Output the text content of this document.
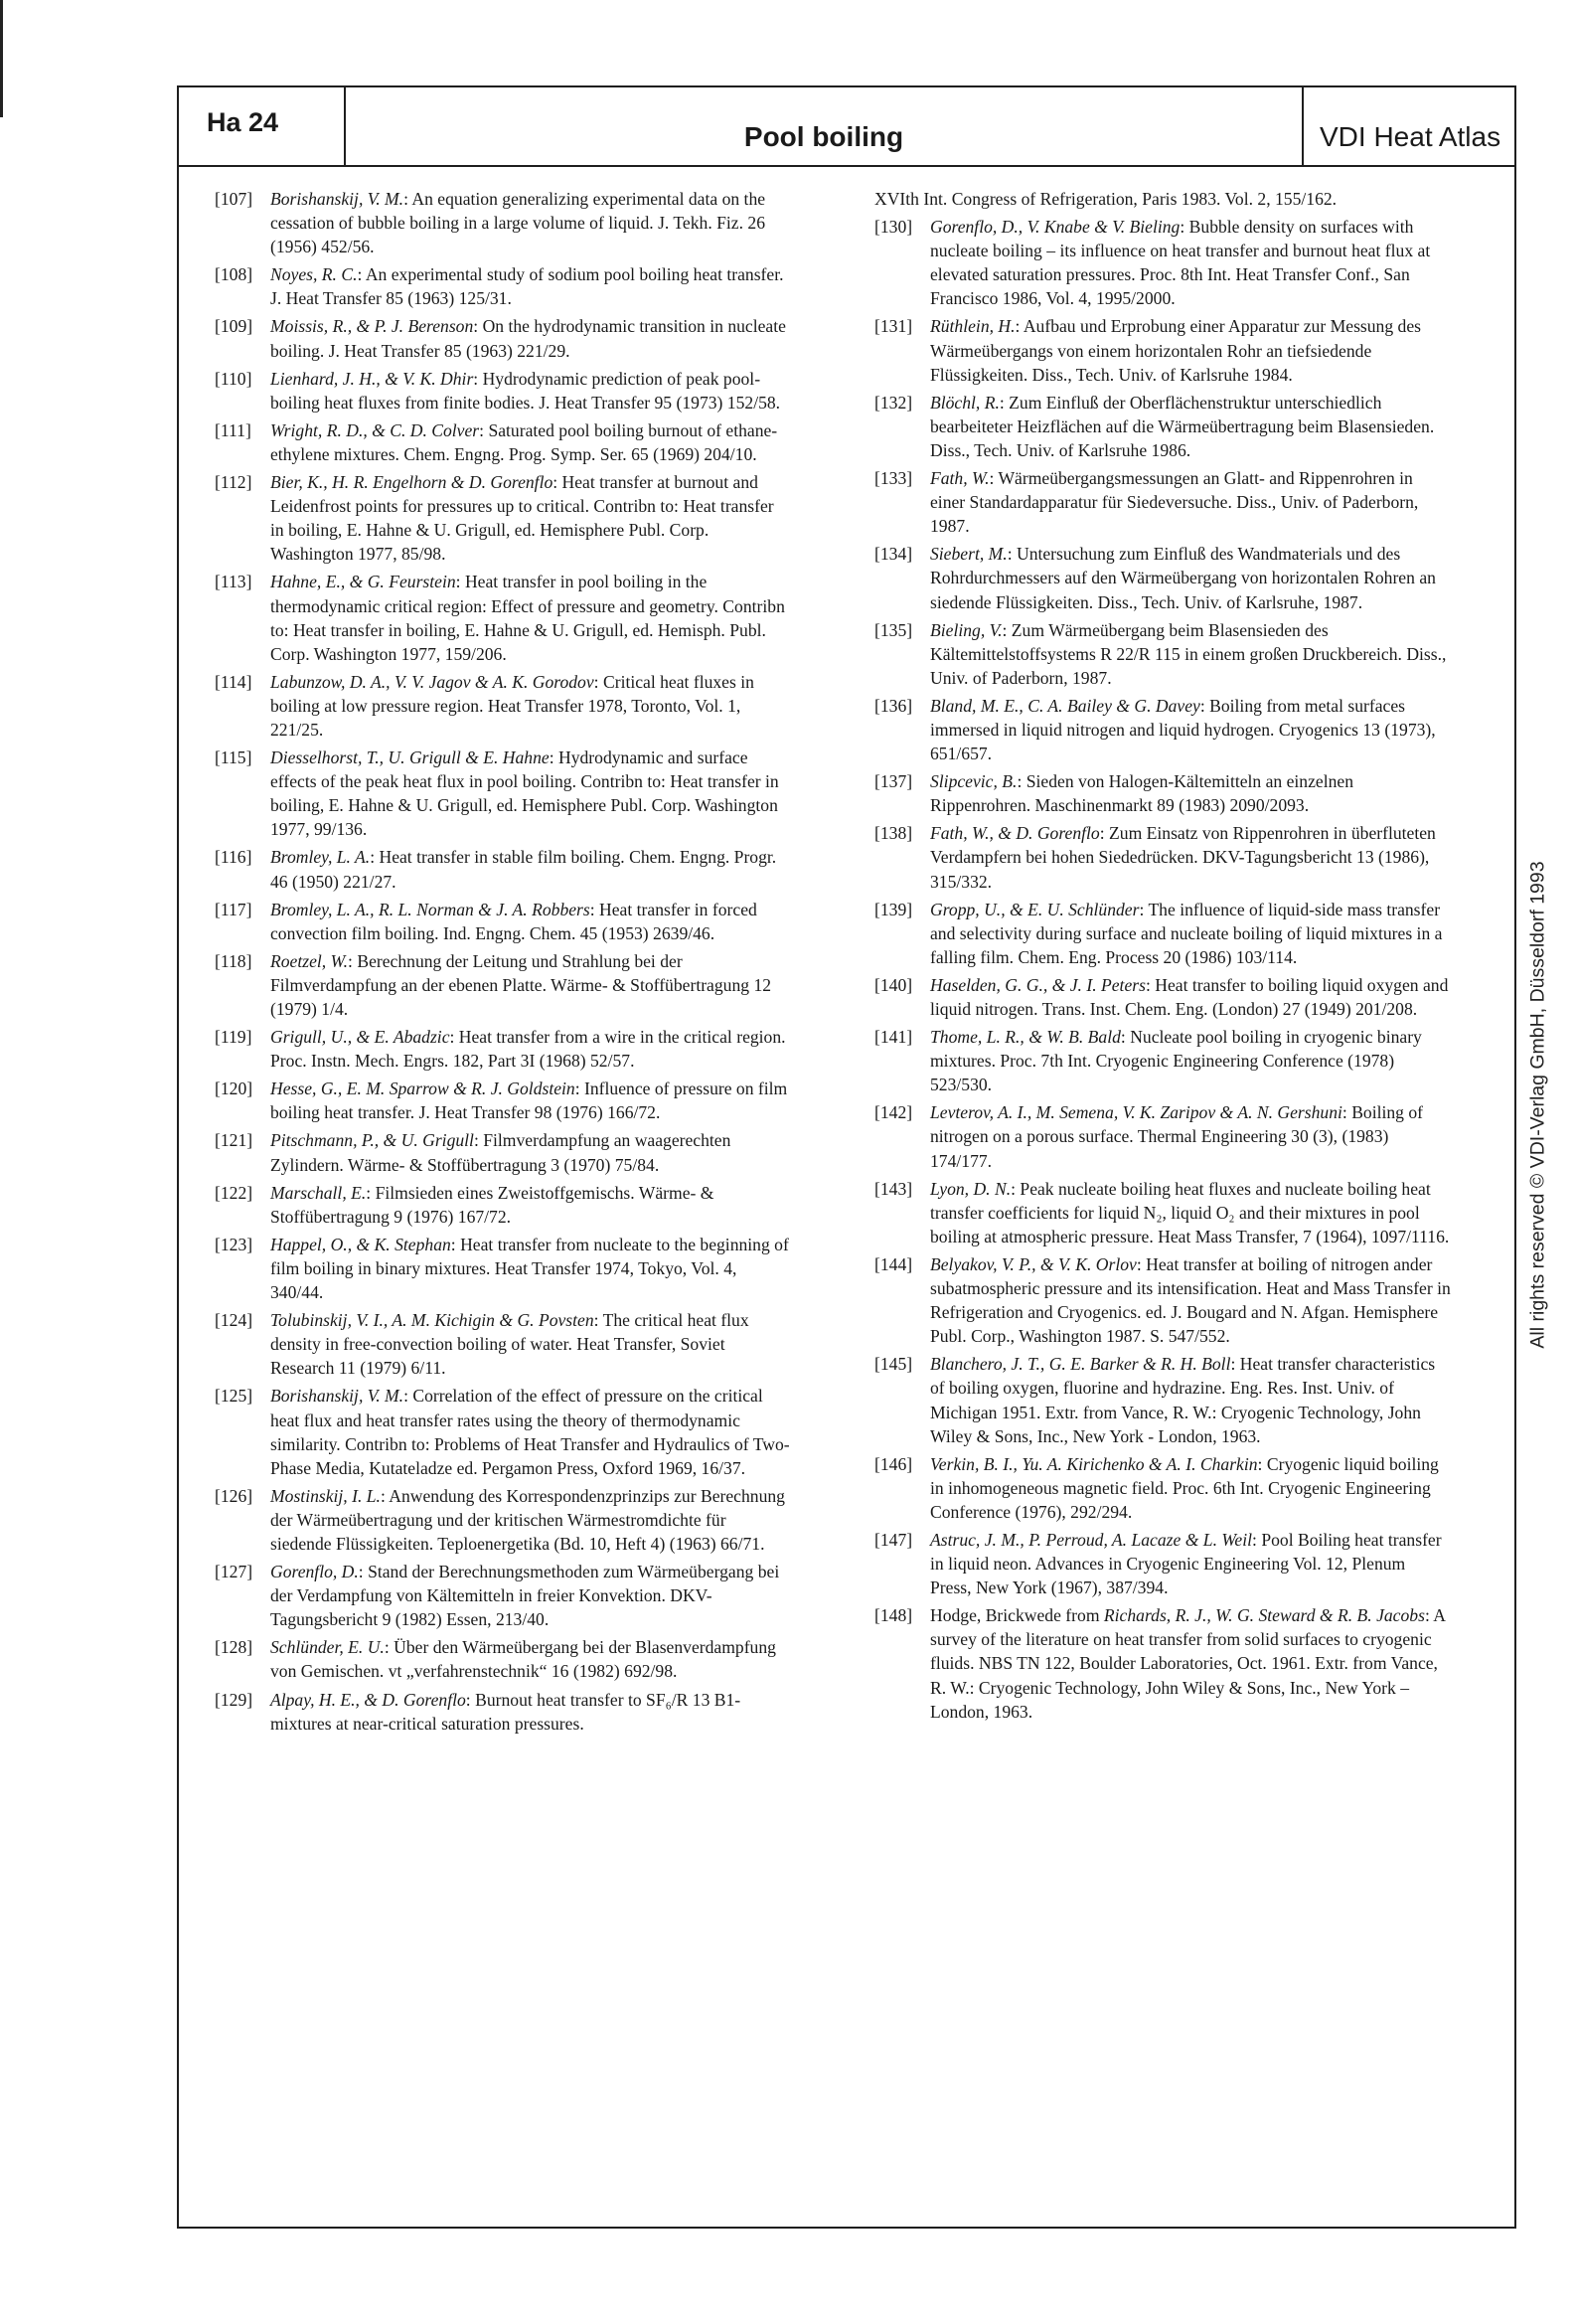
Ha 24	Pool boiling	VDI Heat Atlas
[107] Borishanskij, V. M.: An equation generalizing experimental data on the cessation of bubble boiling in a large volume of liquid. J. Tekh. Fiz. 26 (1956) 452/56.
[108] Noyes, R. C.: An experimental study of sodium pool boiling heat transfer. J. Heat Transfer 85 (1963) 125/31.
[109] Moissis, R., & P. J. Berenson: On the hydrodynamic transition in nucleate boiling. J. Heat Transfer 85 (1963) 221/29.
[110] Lienhard, J. H., & V. K. Dhir: Hydrodynamic prediction of peak pool-boiling heat fluxes from finite bodies. J. Heat Transfer 95 (1973) 152/58.
[111] Wright, R. D., & C. D. Colver: Saturated pool boiling burnout of ethane-ethylene mixtures. Chem. Engng. Prog. Symp. Ser. 65 (1969) 204/10.
[112] Bier, K., H. R. Engelhorn & D. Gorenflo: Heat transfer at burnout and Leidenfrost points for pressures up to critical. Contribn to: Heat transfer in boiling, E. Hahne & U. Grigull, ed. Hemisphere Publ. Corp. Washington 1977, 85/98.
[113] Hahne, E., & G. Feurstein: Heat transfer in pool boiling in the thermodynamic critical region: Effect of pressure and geometry. Contribn to: Heat transfer in boiling, E. Hahne & U. Grigull, ed. Hemisph. Publ. Corp. Washington 1977, 159/206.
[114] Labunzow, D. A., V. V. Jagov & A. K. Gorodov: Critical heat fluxes in boiling at low pressure region. Heat Transfer 1978, Toronto, Vol. 1, 221/25.
[115] Diesselhorst, T., U. Grigull & E. Hahne: Hydrodynamic and surface effects of the peak heat flux in pool boiling. Contribn to: Heat transfer in boiling, E. Hahne & U. Grigull, ed. Hemisphere Publ. Corp. Washington 1977, 99/136.
[116] Bromley, L. A.: Heat transfer in stable film boiling. Chem. Engng. Progr. 46 (1950) 221/27.
[117] Bromley, L. A., R. L. Norman & J. A. Robbers: Heat transfer in forced convection film boiling. Ind. Engng. Chem. 45 (1953) 2639/46.
[118] Roetzel, W.: Berechnung der Leitung und Strahlung bei der Filmverdampfung an der ebenen Platte. Wärme- & Stoffübertragung 12 (1979) 1/4.
[119] Grigull, U., & E. Abadzic: Heat transfer from a wire in the critical region. Proc. Instn. Mech. Engrs. 182, Part 3I (1968) 52/57.
[120] Hesse, G., E. M. Sparrow & R. J. Goldstein: Influence of pressure on film boiling heat transfer. J. Heat Transfer 98 (1976) 166/72.
[121] Pitschmann, P., & U. Grigull: Filmverdampfung an waagerechten Zylindern. Wärme- & Stoffübertragung 3 (1970) 75/84.
[122] Marschall, E.: Filmsieden eines Zweistoffgemischs. Wärme- & Stoffübertragung 9 (1976) 167/72.
[123] Happel, O., & K. Stephan: Heat transfer from nucleate to the beginning of film boiling in binary mixtures. Heat Transfer 1974, Tokyo, Vol. 4, 340/44.
[124] Tolubinskij, V. I., A. M. Kichigin & G. Povsten: The critical heat flux density in free-convection boiling of water. Heat Transfer, Soviet Research 11 (1979) 6/11.
[125] Borishanskij, V. M.: Correlation of the effect of pressure on the critical heat flux and heat transfer rates using the theory of thermodynamic similarity. Contribn to: Problems of Heat Transfer and Hydraulics of Two-Phase Media, Kutateladze ed. Pergamon Press, Oxford 1969, 16/37.
[126] Mostinskij, I. L.: Anwendung des Korrespondenzprinzips zur Berechnung der Wärmeübertragung und der kritischen Wärmestromdichte für siedende Flüssigkeiten. Teploenergetika (Bd. 10, Heft 4) (1963) 66/71.
[127] Gorenflo, D.: Stand der Berechnungsmethoden zum Wärmeübergang bei der Verdampfung von Kältemitteln in freier Konvektion. DKV-Tagungsbericht 9 (1982) Essen, 213/40.
[128] Schlünder, E. U.: Über den Wärmeübergang bei der Blasenverdampfung von Gemischen. vt „verfahrenstechnik“ 16 (1982) 692/98.
[129] Alpay, H. E., & D. Gorenflo: Burnout heat transfer to SF₆/R 13 B1-mixtures at near-critical saturation pressures.
XVIth Int. Congress of Refrigeration, Paris 1983. Vol. 2, 155/162.
[130] Gorenflo, D., V. Knabe & V. Bieling: Bubble density on surfaces with nucleate boiling – its influence on heat transfer and burnout heat flux at elevated saturation pressures. Proc. 8th Int. Heat Transfer Conf., San Francisco 1986, Vol. 4, 1995/2000.
[131] Rüthlein, H.: Aufbau und Erprobung einer Apparatur zur Messung des Wärmeübergangs von einem horizontalen Rohr an tiefsiedende Flüssigkeiten. Diss., Tech. Univ. of Karlsruhe 1984.
[132] Blöchl, R.: Zum Einfluß der Oberflächenstruktur unterschiedlich bearbeiteter Heizflächen auf die Wärmeübertragung beim Blasensieden. Diss., Tech. Univ. of Karlsruhe 1986.
[133] Fath, W.: Wärmeübergangsmessungen an Glatt- and Rippenrohren in einer Standardapparatur für Siedeversuche. Diss., Univ. of Paderborn, 1987.
[134] Siebert, M.: Untersuchung zum Einfluß des Wandmaterials und des Rohrdurchmessers auf den Wärmeübergang von horizontalen Rohren an siedende Flüssigkeiten. Diss., Tech. Univ. of Karlsruhe, 1987.
[135] Bieling, V.: Zum Wärmeübergang beim Blasensieden des Kältemittelstoffsystems R 22/R 115 in einem großen Druckbereich. Diss., Univ. of Paderborn, 1987.
[136] Bland, M. E., C. A. Bailey & G. Davey: Boiling from metal surfaces immersed in liquid nitrogen and liquid hydrogen. Cryogenics 13 (1973), 651/657.
[137] Slipcevic, B.: Sieden von Halogen-Kältemitteln an einzelnen Rippenrohren. Maschinenmarkt 89 (1983) 2090/2093.
[138] Fath, W., & D. Gorenflo: Zum Einsatz von Rippenrohren in überfluteten Verdampfern bei hohen Siededrücken. DKV-Tagungsbericht 13 (1986), 315/332.
[139] Gropp, U., & E. U. Schlünder: The influence of liquid-side mass transfer and selectivity during surface and nucleate boiling of liquid mixtures in a falling film. Chem. Eng. Process 20 (1986) 103/114.
[140] Haselden, G. G., & J. I. Peters: Heat transfer to boiling liquid oxygen and liquid nitrogen. Trans. Inst. Chem. Eng. (London) 27 (1949) 201/208.
[141] Thome, L. R., & W. B. Bald: Nucleate pool boiling in cryogenic binary mixtures. Proc. 7th Int. Cryogenic Engineering Conference (1978) 523/530.
[142] Levterov, A. I., M. Semena, V. K. Zaripov & A. N. Gershuni: Boiling of nitrogen on a porous surface. Thermal Engineering 30 (3), (1983) 174/177.
[143] Lyon, D. N.: Peak nucleate boiling heat fluxes and nucleate boiling heat transfer coefficients for liquid N₂, liquid O₂ and their mixtures in pool boiling at atmospheric pressure. Heat Mass Transfer, 7 (1964), 1097/1116.
[144] Belyakov, V. P., & V. K. Orlov: Heat transfer at boiling of nitrogen ander subatmospheric pressure and its intensification. Heat and Mass Transfer in Refrigeration and Cryogenics. ed. J. Bougard and N. Afgan. Hemisphere Publ. Corp., Washington 1987. S. 547/552.
[145] Blanchero, J. T., G. E. Barker & R. H. Boll: Heat transfer characteristics of boiling oxygen, fluorine and hydrazine. Eng. Res. Inst. Univ. of Michigan 1951. Extr. from Vance, R. W.: Cryogenic Technology, John Wiley & Sons, Inc., New York - London, 1963.
[146] Verkin, B. I., Yu. A. Kirichenko & A. I. Charkin: Cryogenic liquid boiling in inhomogeneous magnetic field. Proc. 6th Int. Cryogenic Engineering Conference (1976), 292/294.
[147] Astruc, J. M., P. Perroud, A. Lacaze & L. Weil: Pool Boiling heat transfer in liquid neon. Advances in Cryogenic Engineering Vol. 12, Plenum Press, New York (1967), 387/394.
[148] Hodge, Brickwede from Richards, R. J., W. G. Steward & R. B. Jacobs: A survey of the literature on heat transfer from solid surfaces to cryogenic fluids. NBS TN 122, Boulder Laboratories, Oct. 1961. Extr. from Vance, R. W.: Cryogenic Technology, John Wiley & Sons, Inc., New York – London, 1963.
All rights reserved © VDI-Verlag GmbH, Düsseldorf 1993
